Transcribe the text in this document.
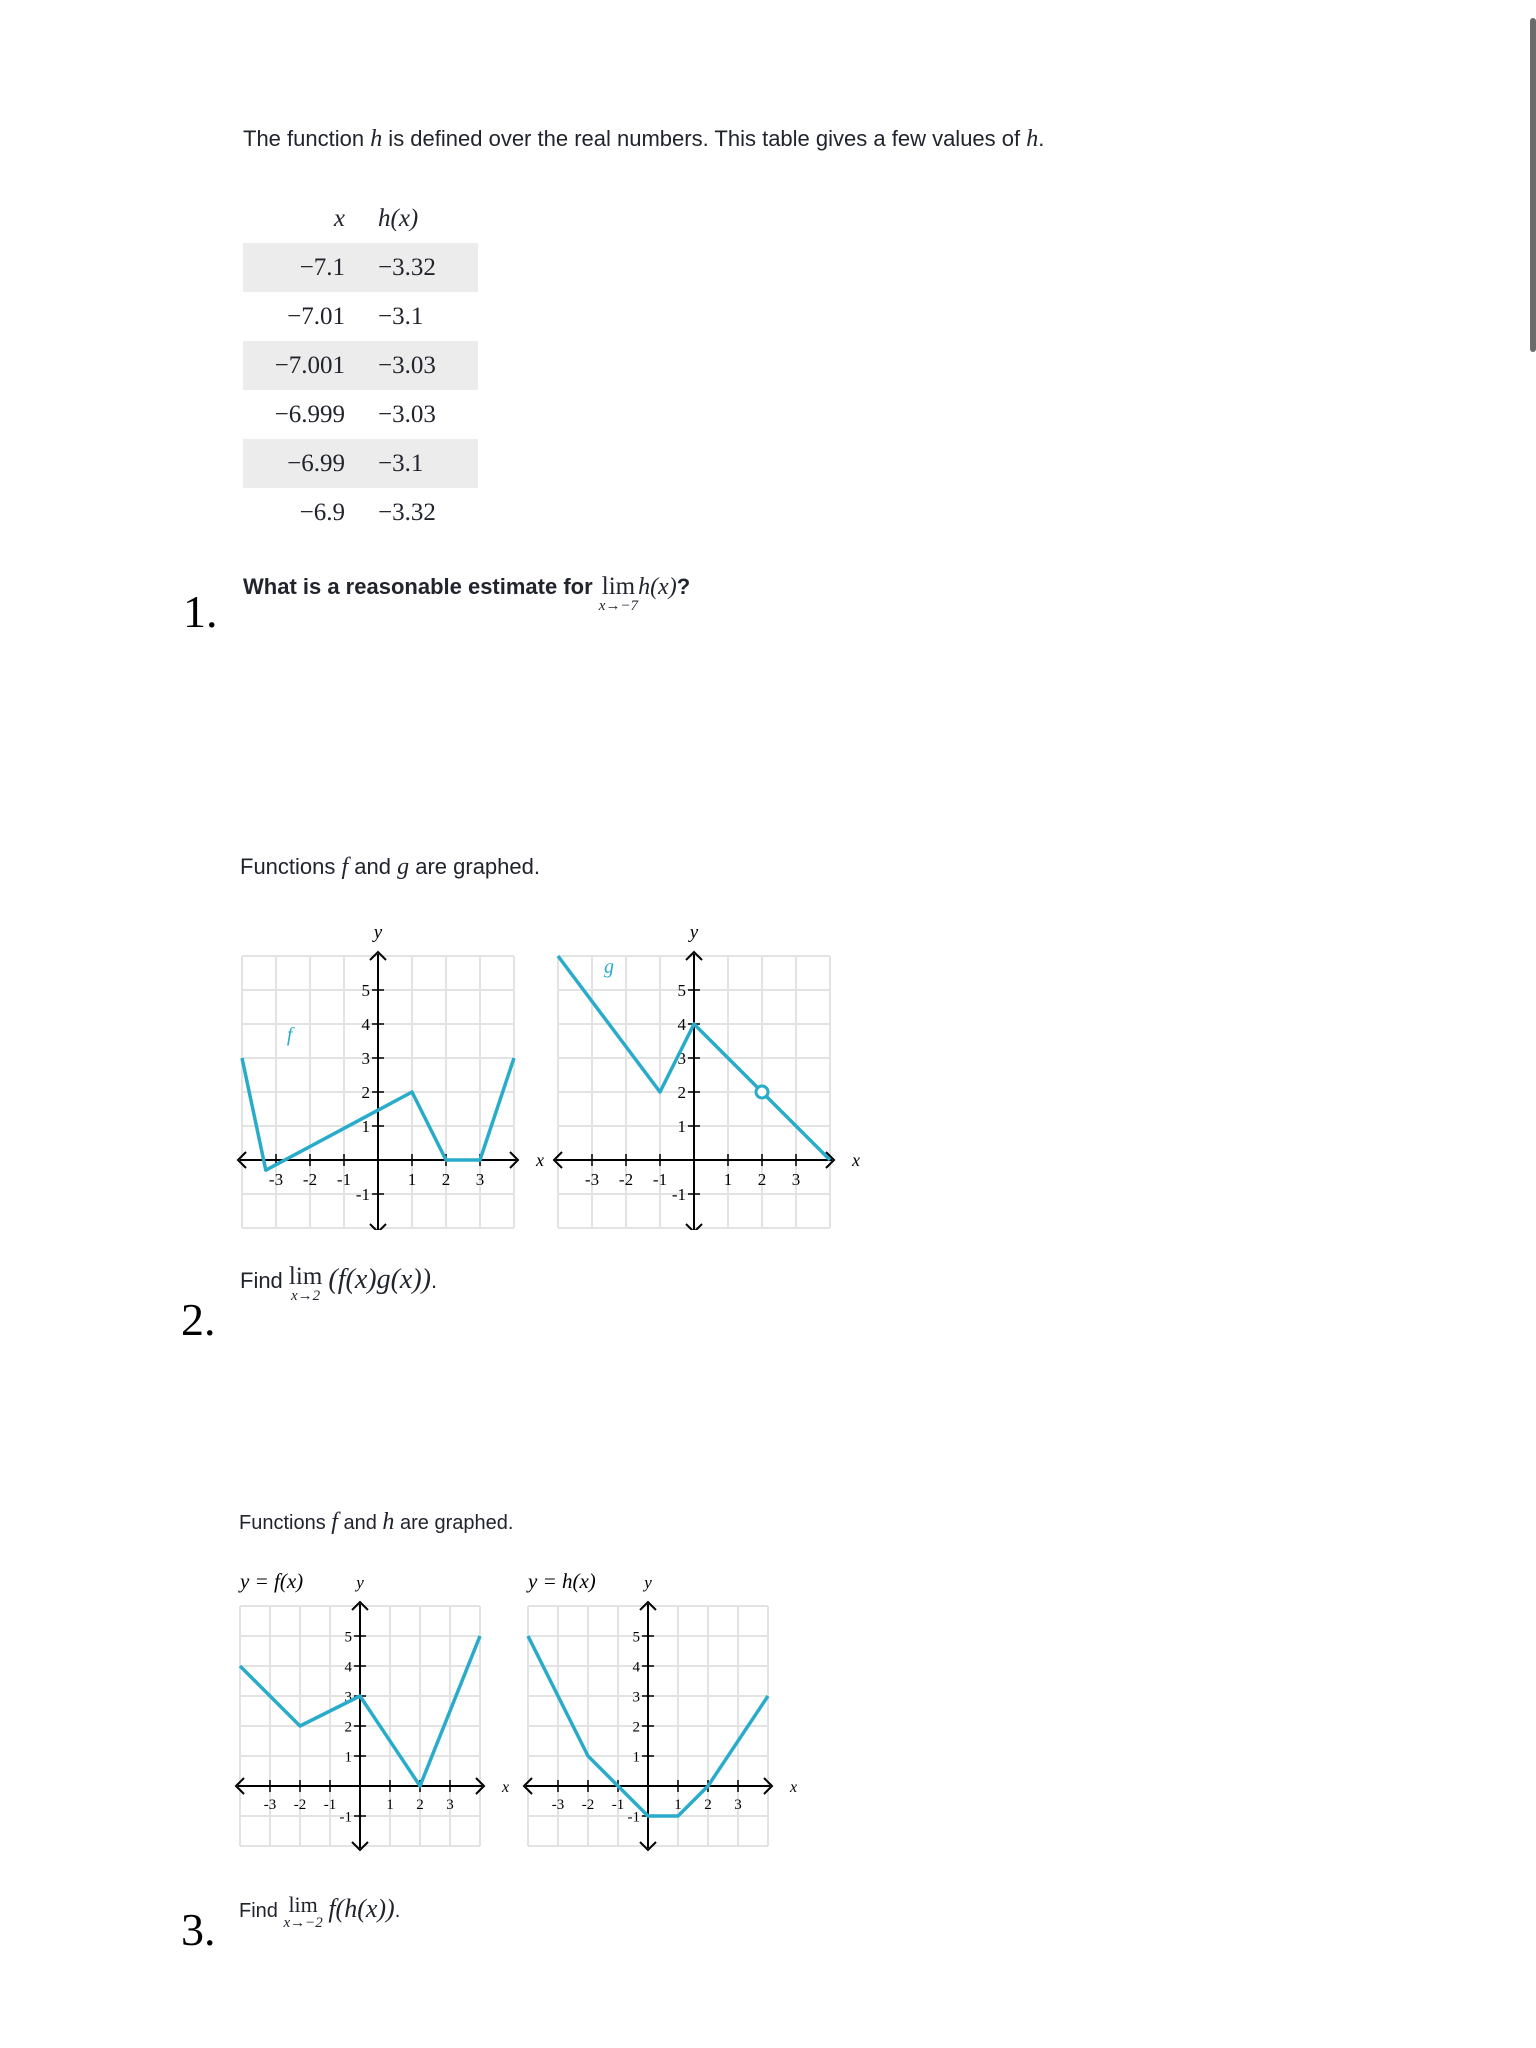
1.
The function h is defined over the real numbers. This table gives a few values of h.
x	h(x)
−7.1	−3.32
−7.01	−3.1
−7.001	−3.03
−6.999	−3.03
−6.99	−3.1
−6.9	−3.32
What is a reasonable estimate for lim
x→−7
h(x)?
2.
Functions f and g are graphed.
-3 -2 -1	1 2 3
-1
1
2
3
4
5
x
y
f
-3 -2 -1	1 2 3
-1
1
2
3
4
5
x
y
g
Find lim
x→2
(f(x)g(x)).
3.
Functions f and h are graphed.
-3 -2 -1	1 2 3
-1
1
2
3
4
5
x
y
y = f(x)
-3 -2 -1	1 2 3
-1
1
2
3
4
5
x
y
y = h(x)
Find lim
x→−2 f(h(x)).
